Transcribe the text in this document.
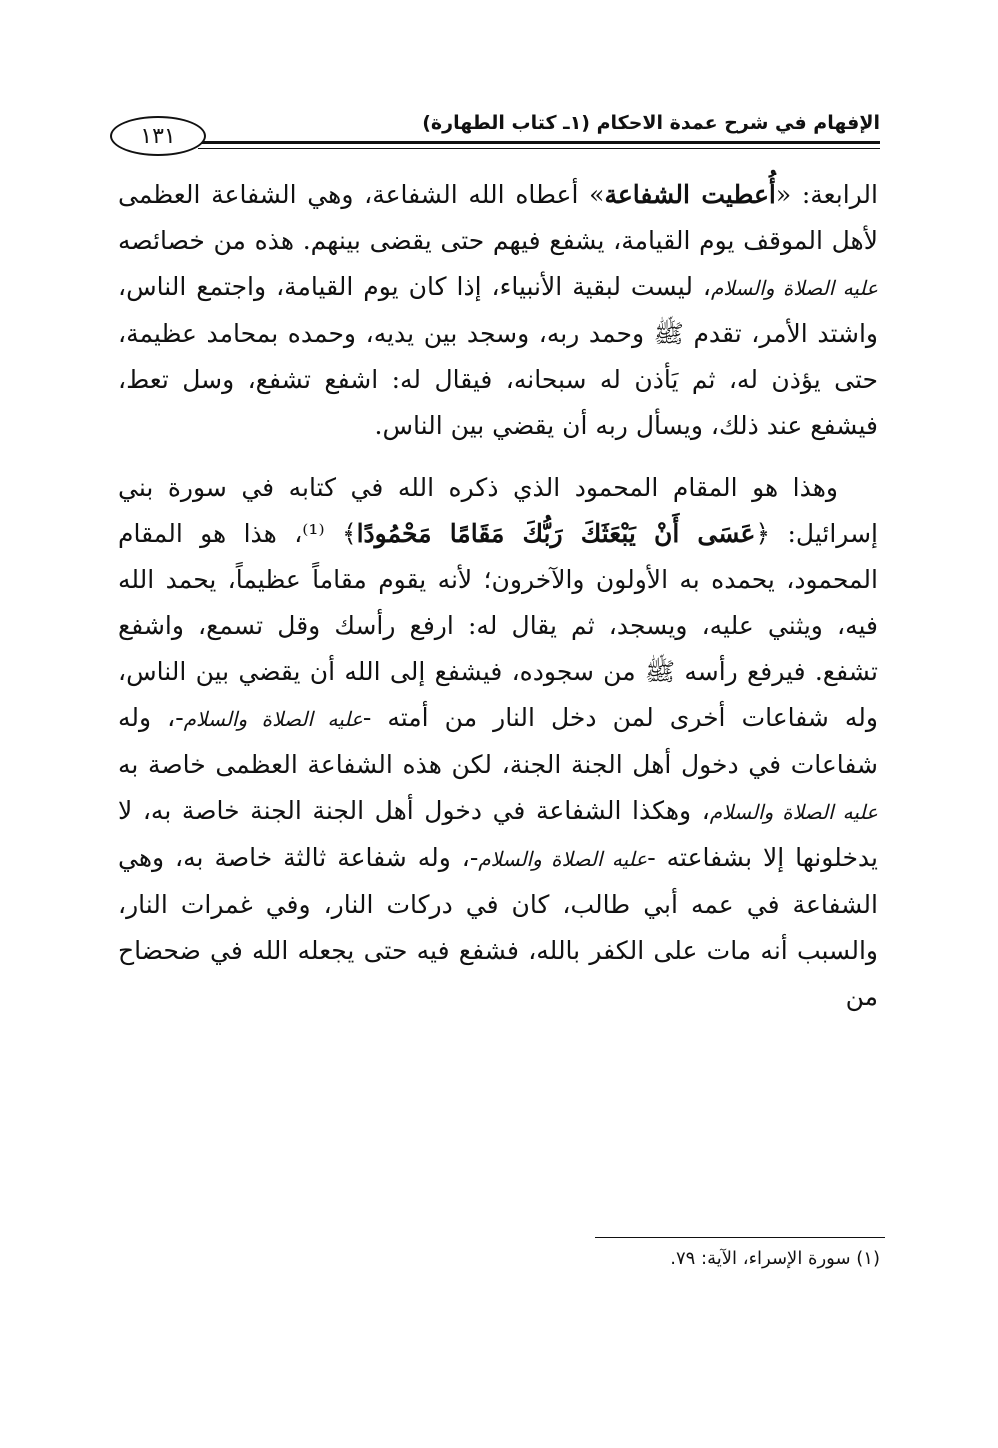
١٣١
الإفهام في شرح عمدة الاحكام (١ـ كتاب الطهارة)

الرابعة: «أُعطيت الشفاعة» أعطاه الله الشفاعة، وهي الشفاعة العظمى لأهل الموقف يوم القيامة، يشفع فيهم حتى يقضى بينهم. هذه من خصائصه عليه الصلاة والسلام، ليست لبقية الأنبياء، إذا كان يوم القيامة، واجتمع الناس، واشتد الأمر، تقدم ﷺ وحمد ربه، وسجد بين يديه، وحمده بمحامد عظيمة، حتى يؤذن له، ثم يَأذن له سبحانه، فيقال له: اشفع تشفع، وسل تعط، فيشفع عند ذلك، ويسأل ربه أن يقضي بين الناس.

وهذا هو المقام المحمود الذي ذكره الله في كتابه في سورة بني إسرائيل: ﴿عَسَى أَنْ يَبْعَثَكَ رَبُّكَ مَقَامًا مَحْمُودًا﴾ ⁽¹⁾، هذا هو المقام المحمود، يحمده به الأولون والآخرون؛ لأنه يقوم مقاماً عظيماً، يحمد الله فيه، ويثني عليه، ويسجد، ثم يقال له: ارفع رأسك وقل تسمع، واشفع تشفع. فيرفع رأسه ﷺ من سجوده، فيشفع إلى الله أن يقضي بين الناس، وله شفاعات أخرى لمن دخل النار من أمته -عليه الصلاة والسلام-، وله شفاعات في دخول أهل الجنة الجنة، لكن هذه الشفاعة العظمى خاصة به عليه الصلاة والسلام، وهكذا الشفاعة في دخول أهل الجنة الجنة خاصة به، لا يدخلونها إلا بشفاعته -عليه الصلاة والسلام-، وله شفاعة ثالثة خاصة به، وهي الشفاعة في عمه أبي طالب، كان في دركات النار، وفي غمرات النار، والسبب أنه مات على الكفر بالله، فشفع فيه حتى يجعله الله في ضحضاح من

(١) سورة الإسراء، الآية: ٧٩.
